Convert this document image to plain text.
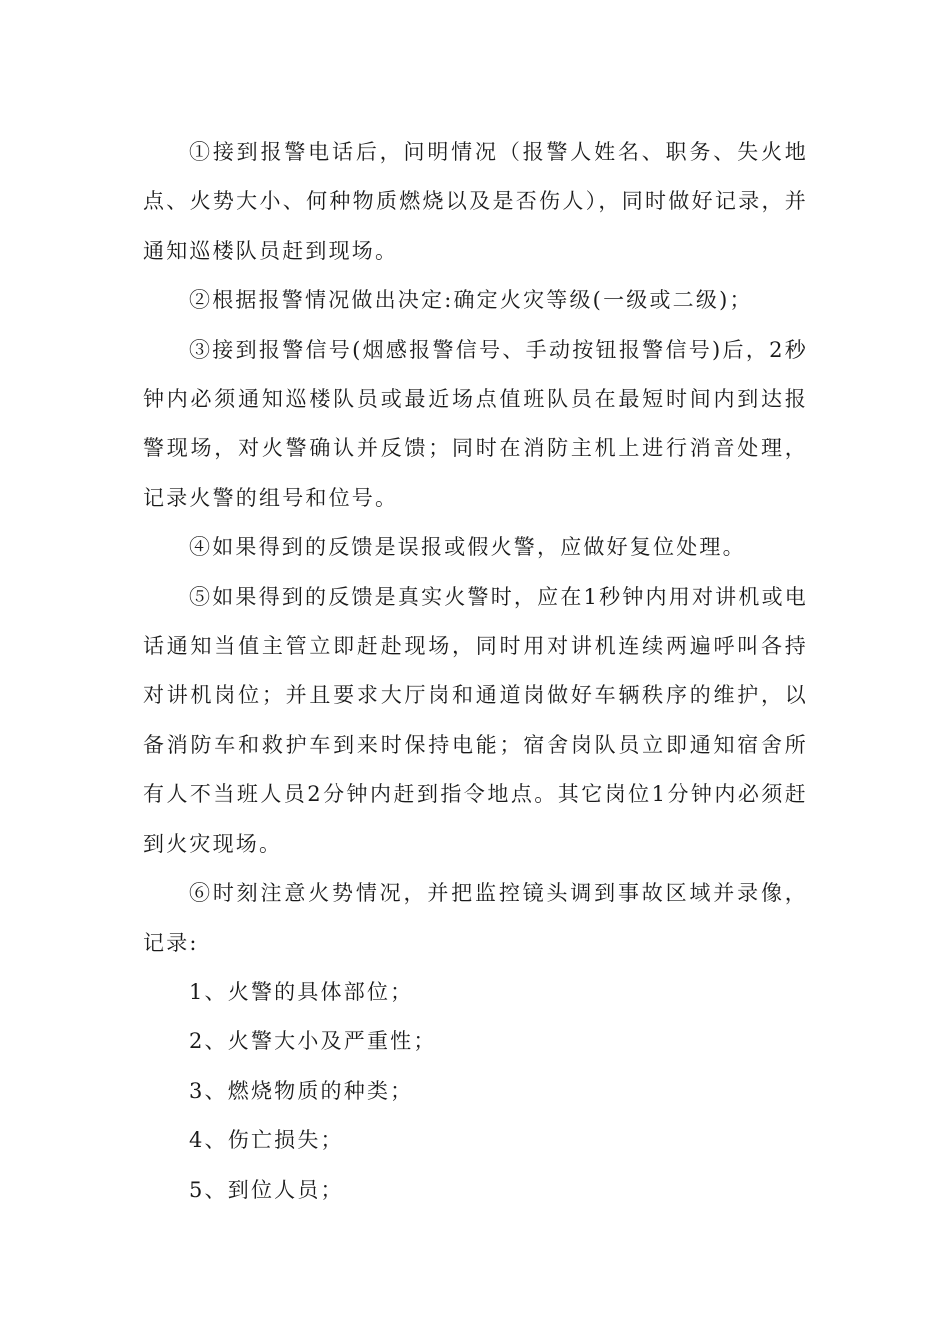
①接到报警电话后，问明情况（报警人姓名、职务、失火地点、火势大小、何种物质燃烧以及是否伤人），同时做好记录，并通知巡楼队员赶到现场。

②根据报警情况做出决定:确定火灾等级(一级或二级)；

③接到报警信号(烟感报警信号、手动按钮报警信号)后，2秒钟内必须通知巡楼队员或最近场点值班队员在最短时间内到达报警现场，对火警确认并反馈；同时在消防主机上进行消音处理，记录火警的组号和位号。

④如果得到的反馈是误报或假火警，应做好复位处理。

⑤如果得到的反馈是真实火警时，应在1秒钟内用对讲机或电话通知当值主管立即赶赴现场，同时用对讲机连续两遍呼叫各持对讲机岗位；并且要求大厅岗和通道岗做好车辆秩序的维护，以备消防车和救护车到来时保持电能；宿舍岗队员立即通知宿舍所有人不当班人员2分钟内赶到指令地点。其它岗位1分钟内必须赶到火灾现场。

⑥时刻注意火势情况，并把监控镜头调到事故区域并录像，记录:

1、火警的具体部位；

2、火警大小及严重性；

3、燃烧物质的种类；

4、伤亡损失；

5、到位人员；
